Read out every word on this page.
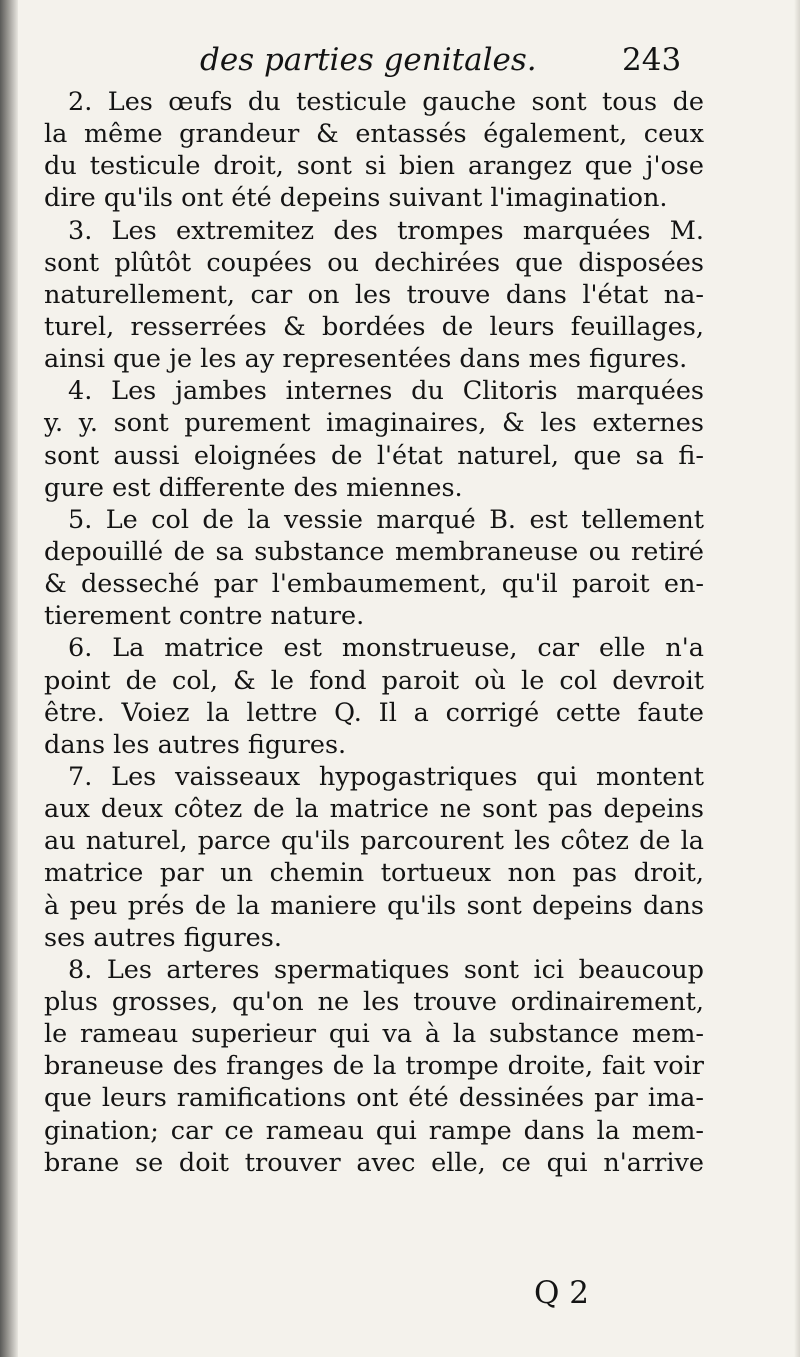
des parties genitales.	243
2. Les œufs du testicule gauche sont tous de
la même grandeur & entassés également, ceux
du testicule droit, sont si bien arangez que j'ose
dire qu'ils ont été depeins suivant l'imagination.
3. Les extremitez des trompes marquées M.
sont plûtôt coupées ou dechirées que disposées
naturellement, car on les trouve dans l'état na-
turel, resserrées & bordées de leurs feuillages,
ainsi que je les ay representées dans mes figures.
4. Les jambes internes du Clitoris marquées
y. y. sont purement imaginaires, & les externes
sont aussi eloignées de l'état naturel, que sa fi-
gure est differente des miennes.
5. Le col de la vessie marqué B. est tellement
depouillé de sa substance membraneuse ou retiré
& desseché par l'embaumement, qu'il paroit en-
tierement contre nature.
6. La matrice est monstrueuse, car elle n'a
point de col, & le fond paroit où le col devroit
être. Voiez la lettre Q. Il a corrigé cette faute
dans les autres figures.
7. Les vaisseaux hypogastriques qui montent
aux deux côtez de la matrice ne sont pas depeins
au naturel, parce qu'ils parcourent les côtez de la
matrice par un chemin tortueux non pas droit,
à peu prés de la maniere qu'ils sont depeins dans
ses autres figures.
8. Les arteres spermatiques sont ici beaucoup
plus grosses, qu'on ne les trouve ordinairement,
le rameau superieur qui va à la substance mem-
braneuse des franges de la trompe droite, fait voir
que leurs ramifications ont été dessinées par ima-
gination; car ce rameau qui rampe dans la mem-
brane se doit trouver avec elle, ce qui n'arrive
Q 2
